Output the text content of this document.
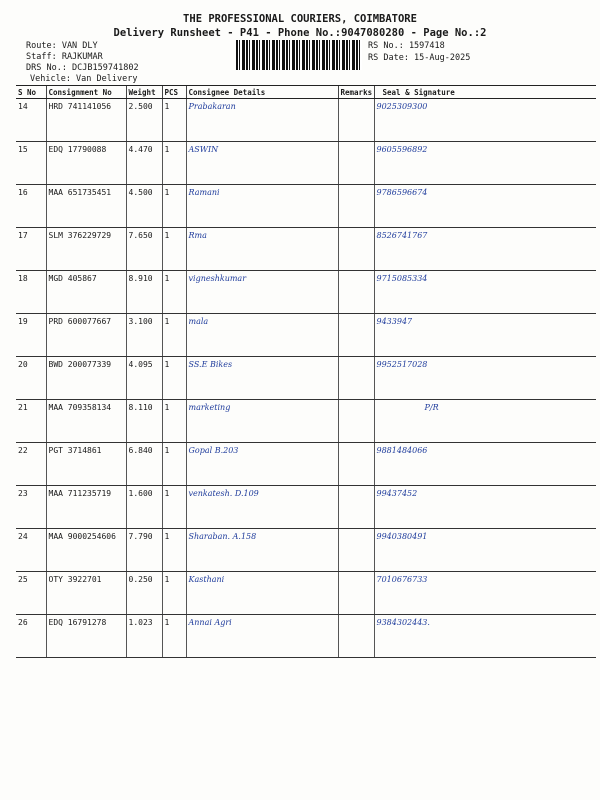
THE PROFESSIONAL COURIERS, COIMBATORE
Delivery Runsheet - P41 - Phone No.:9047080280 - Page No.:2
Route: VAN DLY
Staff: RAJKUMAR
DRS No.: DCJB159741802
Vehicle: Van Delivery
RS No.: 1597418
RS Date: 15-Aug-2025
S No	Consignment No	Weight	PCS	Consignee Details	Remarks	Seal & Signature
14	HRD 741141056	2.500	1	Prabakaran		9025309300
15	EDQ 17790088	4.470	1	ASWIN		9605596892
16	MAA 651735451	4.500	1	Ramani		9786596674
17	SLM 376229729	7.650	1	Rma		8526741767
18	MGD 405867	8.910	1	vigneshkumar		9715085334
19	PRD 600077667	3.100	1	mala		9433947
20	BWD 200077339	4.095	1	SS.E Bikes		9952517028
21	MAA 709358134	8.110	1	marketing		P/R
22	PGT 3714861	6.840	1	Gopal B.203		9881484066
23	MAA 711235719	1.600	1	venkatesh. D.109		99437452
24	MAA 9000254606	7.790	1	Sharaban. A.158		9940380491
25	OTY 3922701	0.250	1	Kasthani		7010676733
26	EDQ 16791278	1.023	1	Annai Agri		9384302443.
